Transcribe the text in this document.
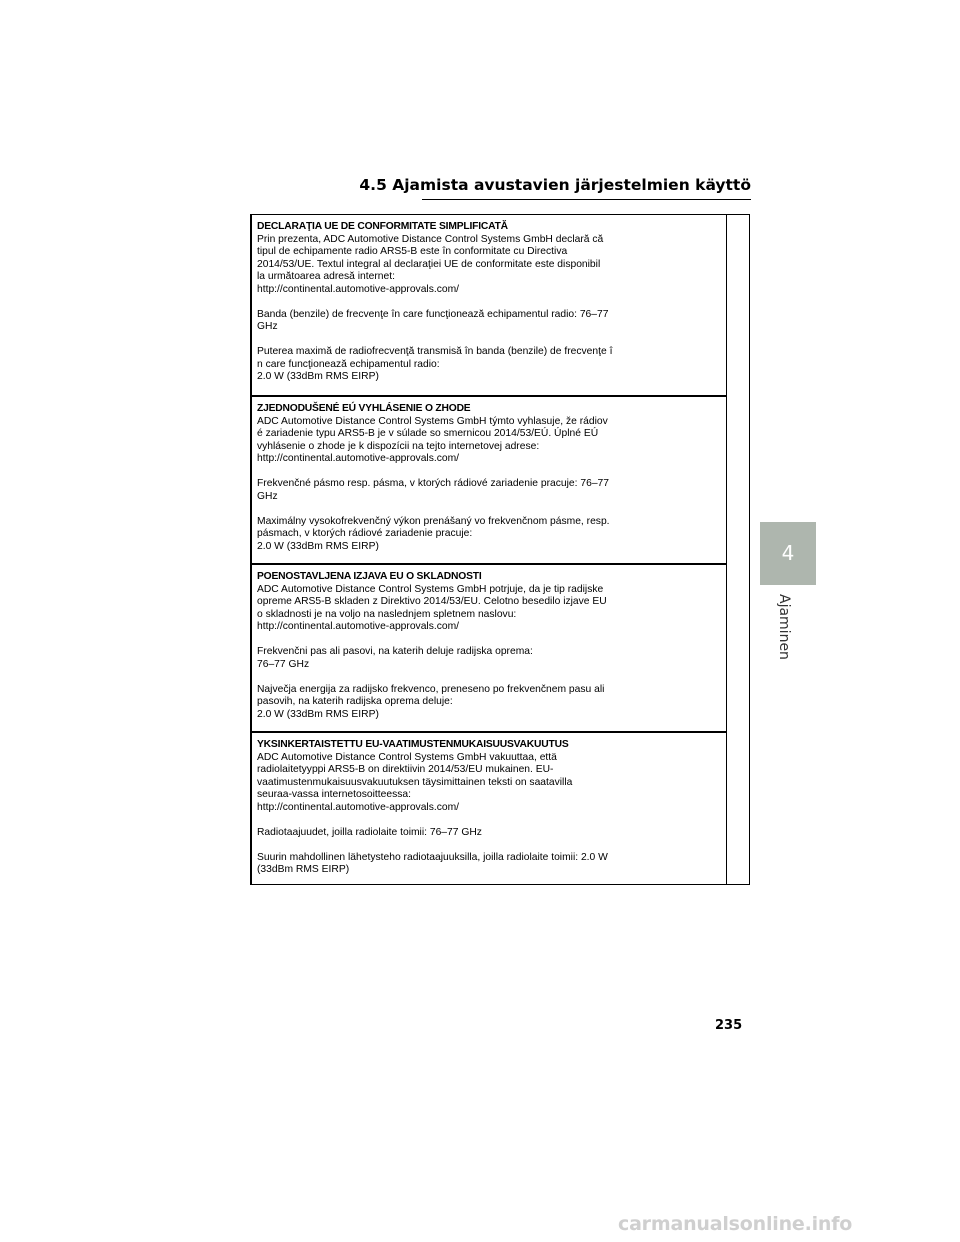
4.5 Ajamista avustavien järjestelmien käyttö
DECLARAŢIA UE DE CONFORMITATE SIMPLIFICATĂ
Prin prezenta, ADC Automotive Distance Control Systems GmbH declară că
tipul de echipamente radio ARS5-B este în conformitate cu Directiva
2014/53/UE. Textul integral al declaraţiei UE de conformitate este disponibil
la următoarea adresă internet:
http://continental.automotive-approvals.com/
Banda (benzile) de frecvenţe în care funcţionează echipamentul radio: 76–77
GHz
Puterea maximă de radiofrecvenţă transmisă în banda (benzile) de frecvenţe î
n care funcţionează echipamentul radio:
2.0 W (33dBm RMS EIRP)
ZJEDNODUŠENÉ EÚ VYHLÁSENIE O ZHODE
ADC Automotive Distance Control Systems GmbH týmto vyhlasuje, že rádiov
é zariadenie typu ARS5-B je v súlade so smernicou 2014/53/EÚ. Úplné EÚ
vyhlásenie o zhode je k dispozícii na tejto internetovej adrese:
http://continental.automotive-approvals.com/
Frekvenčné pásmo resp. pásma, v ktorých rádiové zariadenie pracuje: 76–77
GHz
Maximálny vysokofrekvenčný výkon prenášaný vo frekvenčnom pásme, resp.
pásmach, v ktorých rádiové zariadenie pracuje:
2.0 W (33dBm RMS EIRP)
POENOSTAVLJENA IZJAVA EU O SKLADNOSTI
ADC Automotive Distance Control Systems GmbH potrjuje, da je tip radijske
opreme ARS5-B skladen z Direktivo 2014/53/EU. Celotno besedilo izjave EU
o skladnosti je na voljo na naslednjem spletnem naslovu:
http://continental.automotive-approvals.com/
Frekvenčni pas ali pasovi, na katerih deluje radijska oprema:
76–77 GHz
Največja energija za radijsko frekvenco, preneseno po frekvenčnem pasu ali
pasovih, na katerih radijska oprema deluje:
2.0 W (33dBm RMS EIRP)
YKSINKERTAISTETTU EU-VAATIMUSTENMUKAISUUSVAKUUTUS
ADC Automotive Distance Control Systems GmbH vakuuttaa, että
radiolaitetyyppi ARS5-B on direktiivin 2014/53/EU mukainen. EU-
vaatimustenmukaisuusvakuutuksen täysimittainen teksti on saatavilla
seuraa-vassa internetosoitteessa:
http://continental.automotive-approvals.com/
Radiotaajuudet, joilla radiolaite toimii: 76–77 GHz
Suurin mahdollinen lähetysteho radiotaajuuksilla, joilla radiolaite toimii: 2.0 W
(33dBm RMS EIRP)
4
Ajaminen
235
carmanualsonline.info
